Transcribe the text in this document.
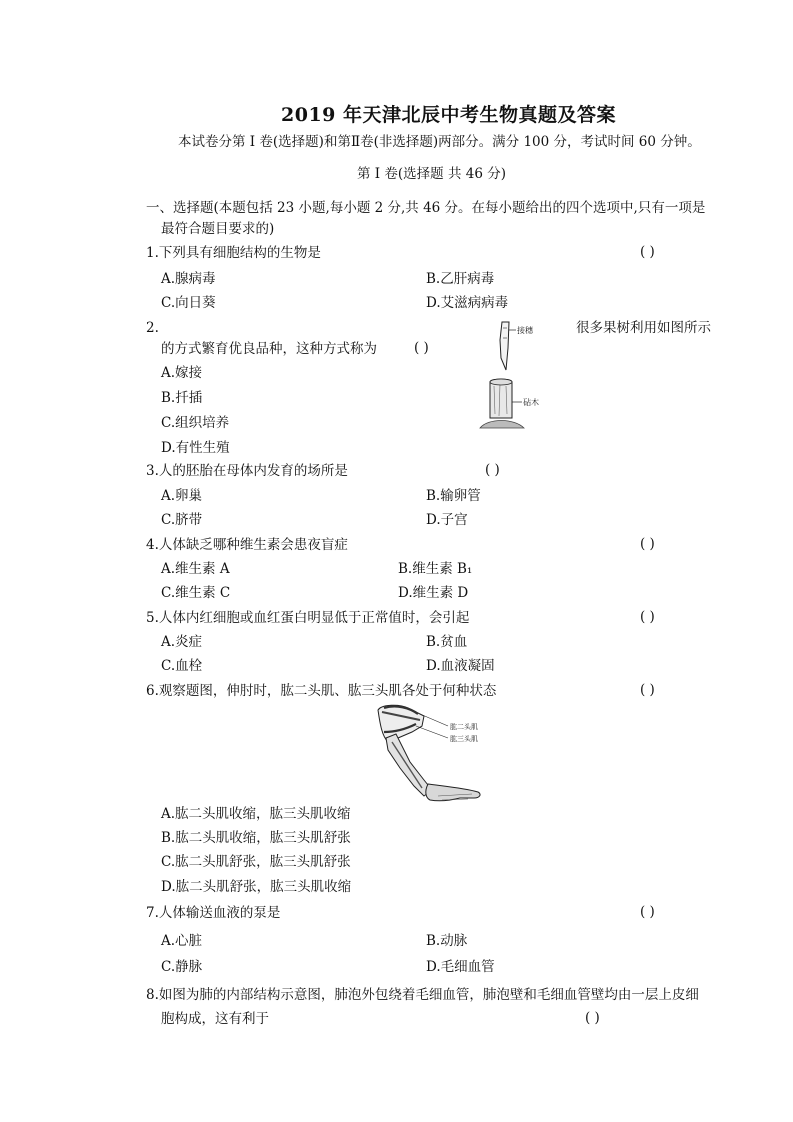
2019 年天津北辰中考生物真题及答案
本试卷分第 I 卷(选择题)和第Ⅱ卷(非选择题)两部分。满分 100 分，考试时间 60 分钟。
第 I 卷(选择题 共 46 分)
一、选择题(本题包括 23 小题,每小题 2 分,共 46 分。在每小题给出的四个选项中,只有一项是
最符合题目要求的)
1.下列具有细胞结构的生物是	( )
A.腺病毒	B.乙肝病毒
C.向日葵	D.艾滋病病毒
2.	很多果树利用如图所示
的方式繁育优良品种，这种方式称为	( )
A.嫁接
B.扦插
C.组织培养
D.有性生殖
接穗
砧木
3.人的胚胎在母体内发育的场所是	( )
A.卵巢	B.输卵管
C.脐带	D.子宫
4.人体缺乏哪种维生素会患夜盲症	( )
A.维生素 A	B.维生素 B₁
C.维生素 C	D.维生素 D
5.人体内红细胞或血红蛋白明显低于正常值时，会引起	( )
A.炎症	B.贫血
C.血栓	D.血液凝固
6.观察题图，伸肘时，肱二头肌、肱三头肌各处于何种状态	( )
肱二头肌
肱三头肌
A.肱二头肌收缩，肱三头肌收缩
B.肱二头肌收缩，肱三头肌舒张
C.肱二头肌舒张，肱三头肌舒张
D.肱二头肌舒张，肱三头肌收缩
7.人体输送血液的泵是	( )
A.心脏	B.动脉
C.静脉	D.毛细血管
8.如图为肺的内部结构示意图，肺泡外包绕着毛细血管，肺泡壁和毛细血管壁均由一层上皮细
胞构成，这有利于	( )
